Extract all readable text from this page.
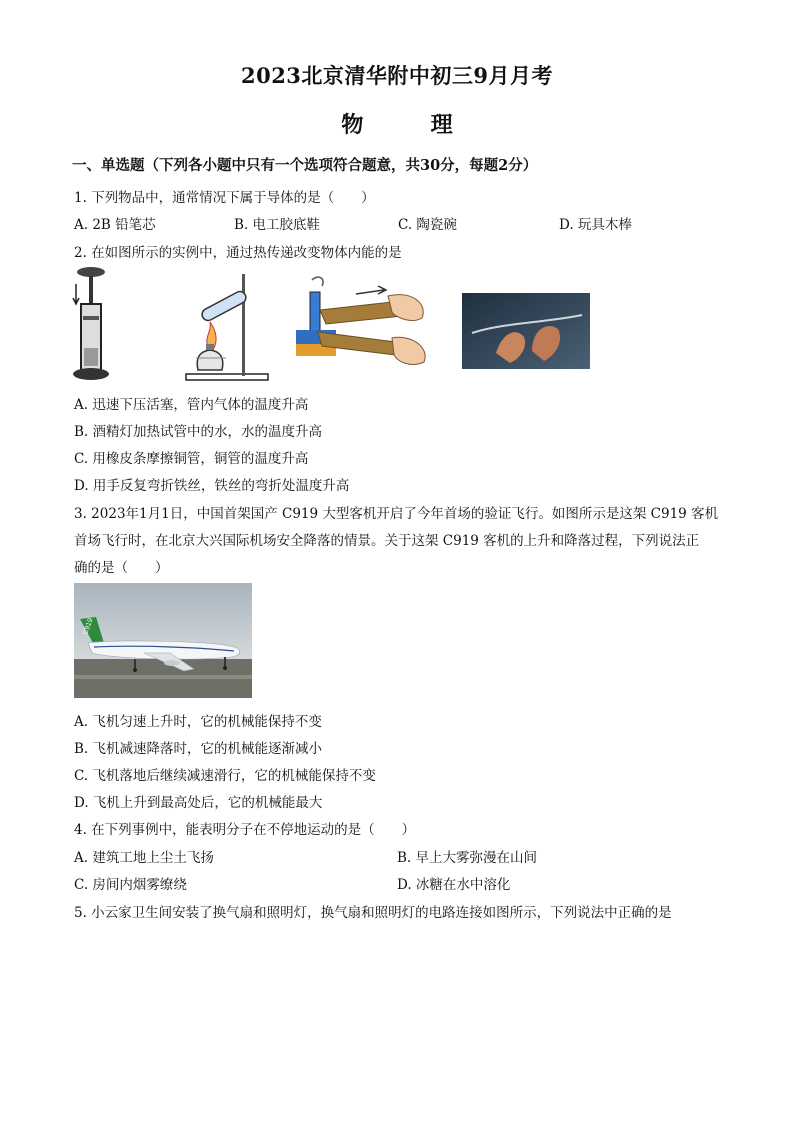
2023北京清华附中初三9月月考
物	理
一、单选题（下列各小题中只有一个选项符合题意，共30分，每题2分）
1. 下列物品中，通常情况下属于导体的是（　　）
A. 2B 铅笔芯	B. 电工胶底鞋	C. 陶瓷碗	D. 玩具木棒
2. 在如图所示的实例中，通过热传递改变物体内能的是
A. 迅速下压活塞，管内气体的温度升高
B. 酒精灯加热试管中的水，水的温度升高
C. 用橡皮条摩擦铜管，铜管的温度升高
D. 用手反复弯折铁丝，铁丝的弯折处温度升高
3. 2023年1月1日，中国首架国产 C919 大型客机开启了今年首场的验证飞行。如图所示是这架 C919 客机
首场飞行时，在北京大兴国际机场安全降落的情景。关于这架 C919 客机的上升和降落过程，下列说法正
确的是（　　）
C919
A. 飞机匀速上升时，它的机械能保持不变
B. 飞机减速降落时，它的机械能逐渐减小
C. 飞机落地后继续减速滑行，它的机械能保持不变
D. 飞机上升到最高处后，它的机械能最大
4. 在下列事例中，能表明分子在不停地运动的是（　　）
A. 建筑工地上尘土飞扬	B. 早上大雾弥漫在山间
C. 房间内烟雾缭绕	D. 冰糖在水中溶化
5. 小云家卫生间安装了换气扇和照明灯，换气扇和照明灯的电路连接如图所示，下列说法中正确的是
